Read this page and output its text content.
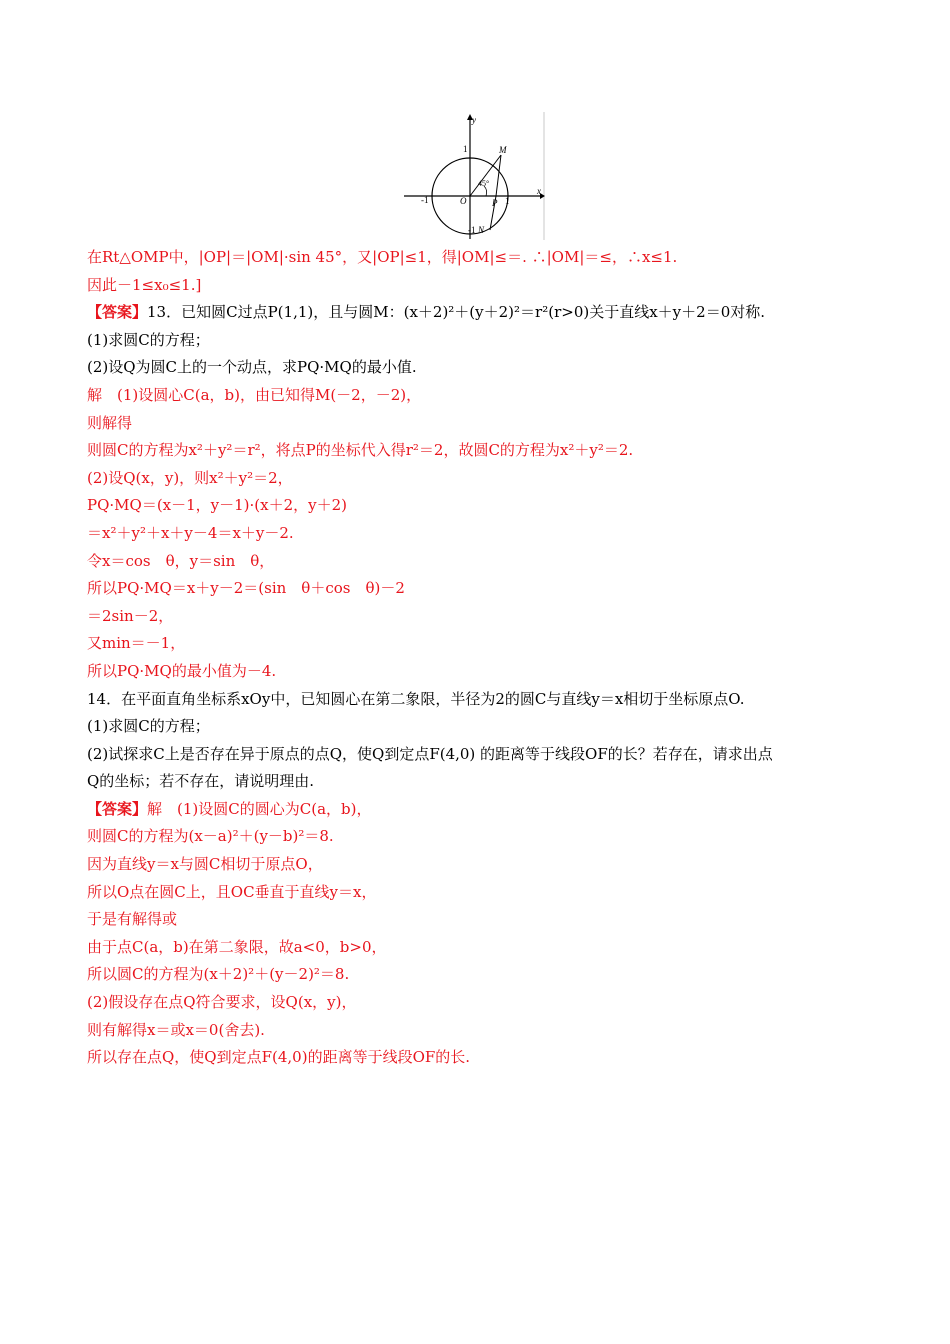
y
x
1
-1	O	1
-1
M
P
N
45°
在Rt△OMP中，|OP|＝|OM|·sin 45°，又|OP|≤1，得|OM|≤＝. ∴|OM|＝≤，∴x≤1.
因此－1≤x₀≤1.]
【答案】13．已知圆C过点P(1,1)，且与圆M：(x＋2)²＋(y＋2)²＝r²(r>0)关于直线x＋y＋2＝0对称.
(1)求圆C的方程；
(2)设Q为圆C上的一个动点，求PQ·MQ的最小值.
解　(1)设圆心C(a，b)，由已知得M(－2，－2)，
则解得
则圆C的方程为x²＋y²＝r²，将点P的坐标代入得r²＝2，故圆C的方程为x²＋y²＝2.
(2)设Q(x，y)，则x²＋y²＝2，
PQ·MQ＝(x－1，y－1)·(x＋2，y＋2)
＝x²＋y²＋x＋y－4＝x＋y－2.
令x＝cos　θ，y＝sin　θ，
所以PQ·MQ＝x＋y－2＝(sin　θ＋cos　θ)－2
＝2sin－2，
又min＝－1，
所以PQ·MQ的最小值为－4.
14．在平面直角坐标系xOy中，已知圆心在第二象限，半径为2的圆C与直线y＝x相切于坐标原点O.
(1)求圆C的方程；
(2)试探求C上是否存在异于原点的点Q，使Q到定点F(4,0) 的距离等于线段OF的长？若存在，请求出点
Q的坐标；若不存在，请说明理由.
【答案】解　(1)设圆C的圆心为C(a，b)，
则圆C的方程为(x－a)²＋(y－b)²＝8.
因为直线y＝x与圆C相切于原点O，
所以O点在圆C上，且OC垂直于直线y＝x，
于是有解得或
由于点C(a，b)在第二象限，故a<0，b>0，
所以圆C的方程为(x＋2)²＋(y－2)²＝8.
(2)假设存在点Q符合要求，设Q(x，y)，
则有解得x＝或x＝0(舍去).
所以存在点Q，使Q到定点F(4,0)的距离等于线段OF的长.
